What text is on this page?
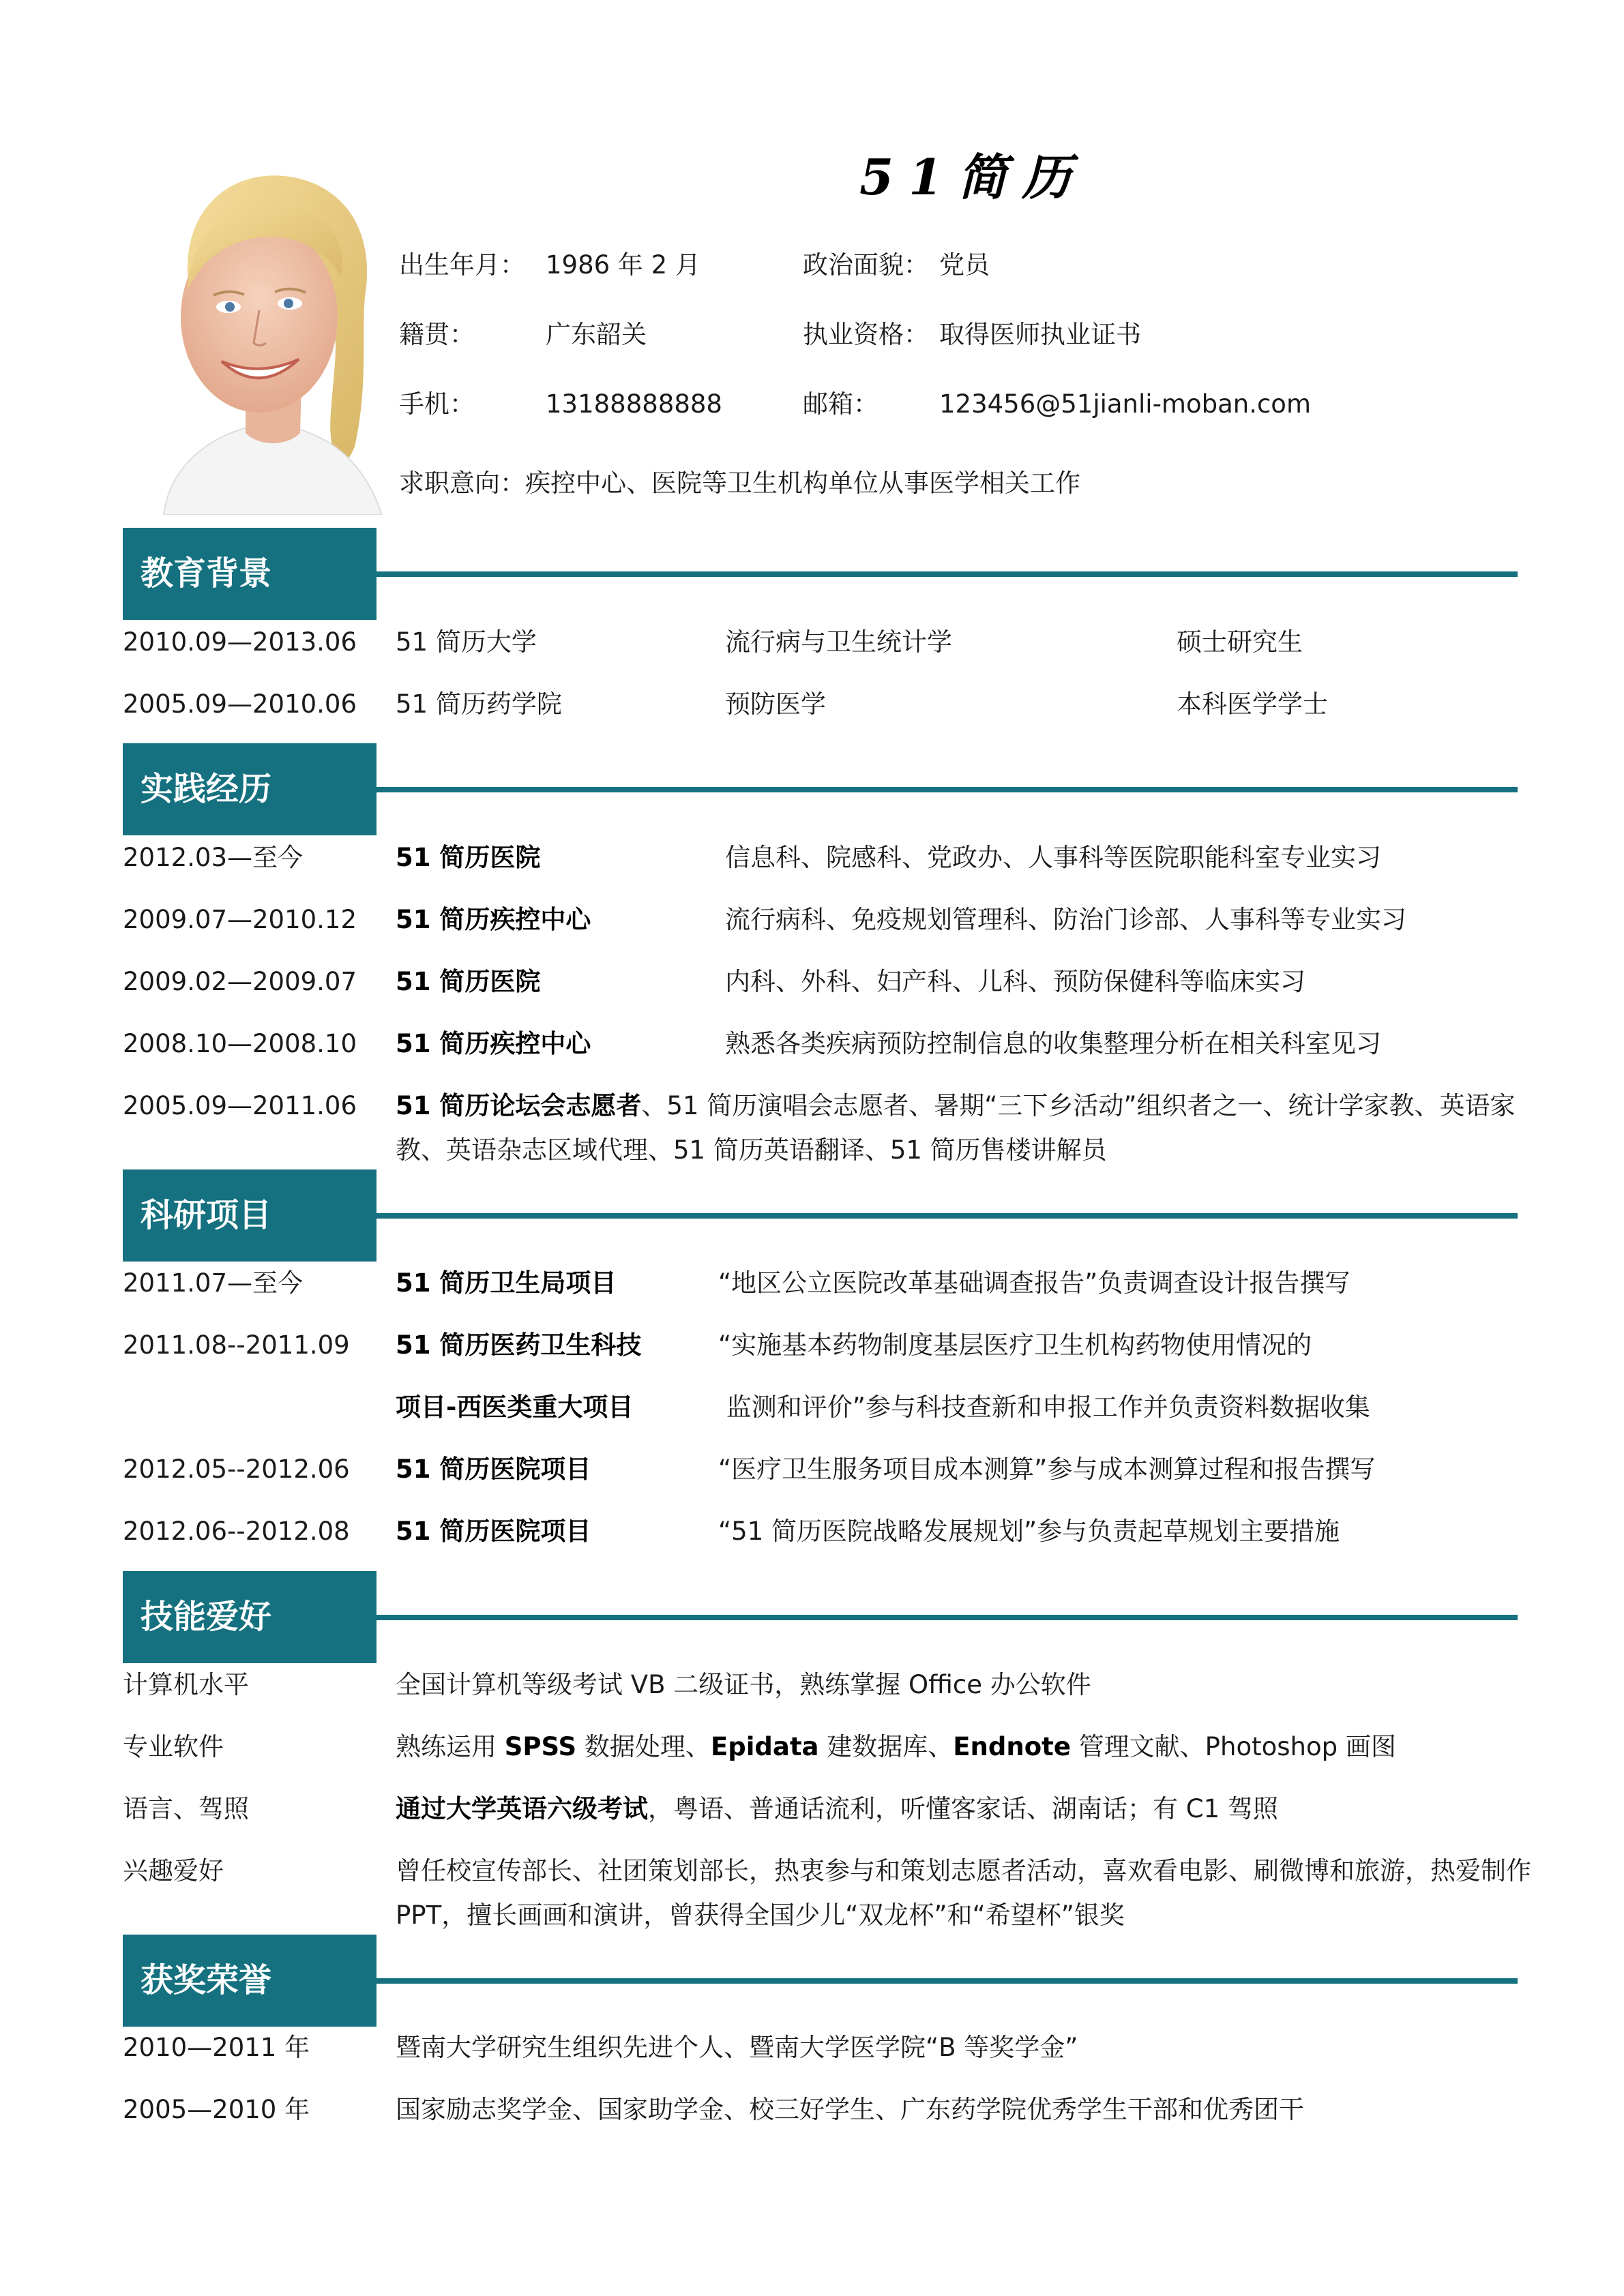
51简历
出生年月： 1986 年 2 月	政治面貌： 党员
籍贯：	广东韶关	执业资格： 取得医师执业证书
手机：	13188888888	邮箱： 123456@51jianli-moban.com
求职意向：疾控中心、医院等卫生机构单位从事医学相关工作
教育背景
2010.09—2013.06 51 简历大学	流行病与卫生统计学	硕士研究生
2005.09—2010.06 51 简历药学院	预防医学	本科医学学士
实践经历
2012.03—至今	51 简历医院	信息科、院感科、党政办、人事科等医院职能科室专业实习
2009.07—2010.12 51 简历疾控中心	流行病科、免疫规划管理科、防治门诊部、人事科等专业实习
2009.02—2009.07 51 简历医院	内科、外科、妇产科、儿科、预防保健科等临床实习
2008.10—2008.10 51 简历疾控中心	熟悉各类疾病预防控制信息的收集整理分析在相关科室见习
2005.09—2011.06 51 简历论坛会志愿者、51 简历演唱会志愿者、暑期“三下乡活动”组织者之一、统计学家教、英语家
教、英语杂志区域代理、51 简历英语翻译、51 简历售楼讲解员
科研项目
2011.07—至今	51 简历卫生局项目	“地区公立医院改革基础调查报告”负责调查设计报告撰写
2011.08--2011.09 51 简历医药卫生科技	“实施基本药物制度基层医疗卫生机构药物使用情况的
项目-西医类重大项目	监测和评价”参与科技查新和申报工作并负责资料数据收集
2012.05--2012.06 51 简历医院项目	“医疗卫生服务项目成本测算”参与成本测算过程和报告撰写
2012.06--2012.08 51 简历医院项目	“51 简历医院战略发展规划”参与负责起草规划主要措施
技能爱好
计算机水平	全国计算机等级考试 VB 二级证书，熟练掌握 Office 办公软件
专业软件	熟练运用 SPSS 数据处理、Epidata 建数据库、Endnote 管理文献、Photoshop 画图
语言、驾照	通过大学英语六级考试，粤语、普通话流利，听懂客家话、湖南话；有 C1 驾照
兴趣爱好	曾任校宣传部长、社团策划部长，热衷参与和策划志愿者活动，喜欢看电影、刷微博和旅游，热爱制作
PPT，擅长画画和演讲，曾获得全国少儿“双龙杯”和“希望杯”银奖
获奖荣誉
2010—2011 年	暨南大学研究生组织先进个人、暨南大学医学院“B 等奖学金”
2005—2010 年	国家励志奖学金、国家助学金、校三好学生、广东药学院优秀学生干部和优秀团干
